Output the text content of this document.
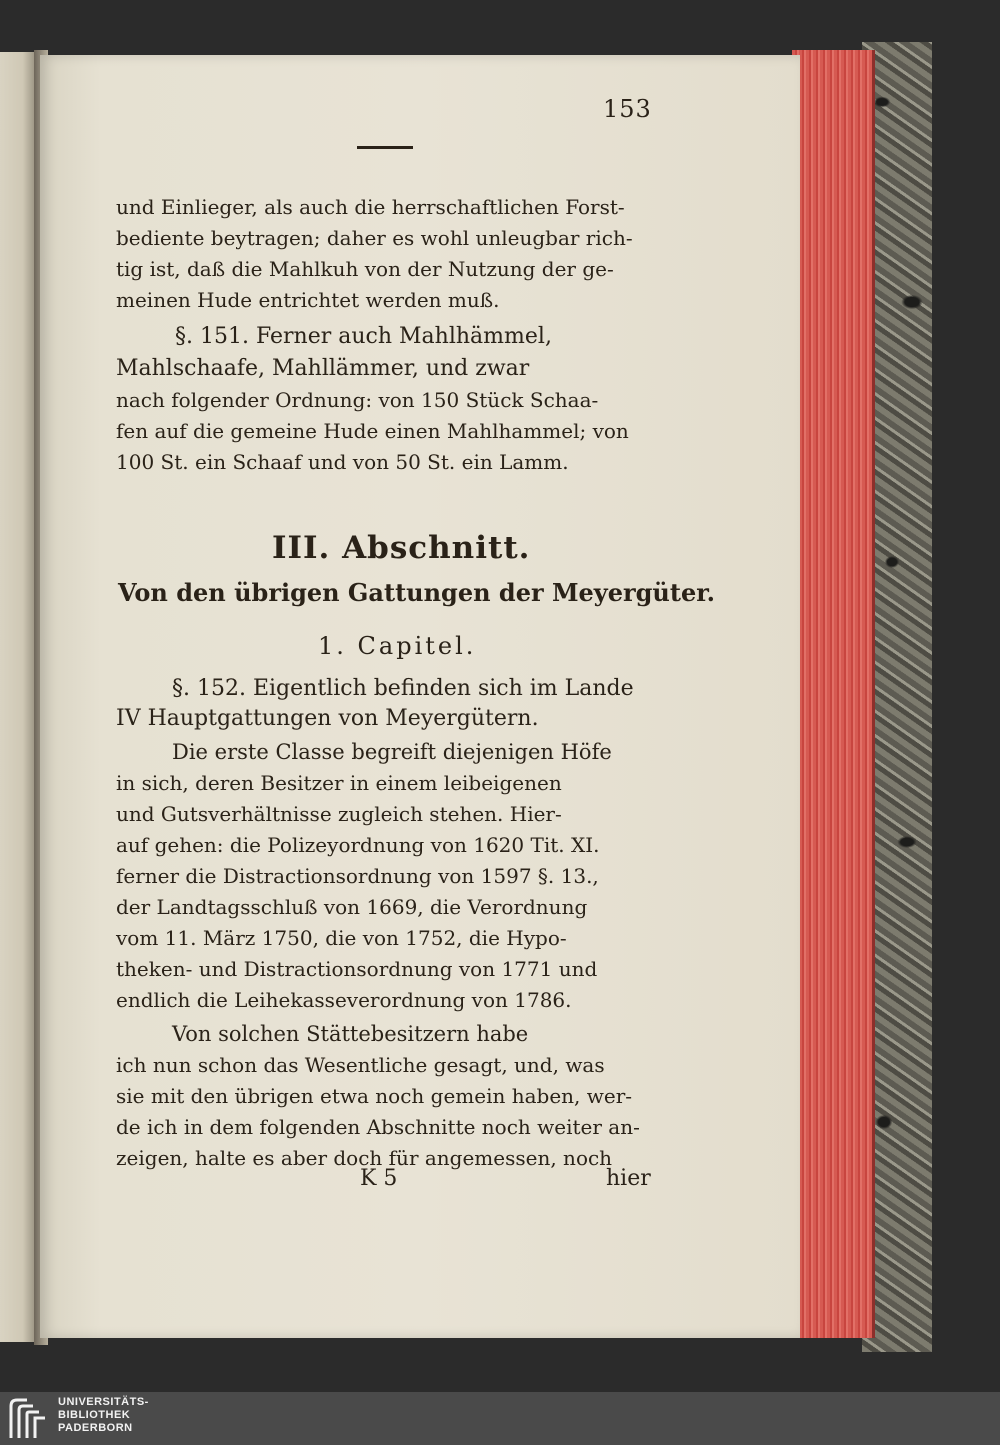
153
und Einlieger, als auch die herrschaftlichen Forst-
bediente beytragen; daher es wohl unleugbar rich-
tig ist, daß die Mahlkuh von der Nutzung der ge-
meinen Hude entrichtet werden muß.
§. 151. Ferner auch Mahlhämmel,
Mahlschaafe, Mahllämmer, und zwar
nach folgender Ordnung: von 150 Stück Schaa-
fen auf die gemeine Hude einen Mahlhammel; von
100 St. ein Schaaf und von 50 St. ein Lamm.
III. Abschnitt.
Von den übrigen Gattungen der Meyergüter.
1. Capitel.
§. 152. Eigentlich befinden sich im Lande
IV Hauptgattungen von Meyergütern.
Die erste Classe begreift diejenigen Höfe
in sich, deren Besitzer in einem leibeigenen
und Gutsverhältnisse zugleich stehen. Hier-
auf gehen: die Polizeyordnung von 1620 Tit. XI.
ferner die Distractionsordnung von 1597 §. 13.,
der Landtagsschluß von 1669, die Verordnung
vom 11. März 1750, die von 1752, die Hypo-
theken- und Distractionsordnung von 1771 und
endlich die Leihekasseverordnung von 1786.
Von solchen Stättebesitzern habe
ich nun schon das Wesentliche gesagt, und, was
sie mit den übrigen etwa noch gemein haben, wer-
de ich in dem folgenden Abschnitte noch weiter an-
zeigen, halte es aber doch für angemessen, noch
K 5	hier
UNIVERSITÄTS-
BIBLIOTHEK
PADERBORN
